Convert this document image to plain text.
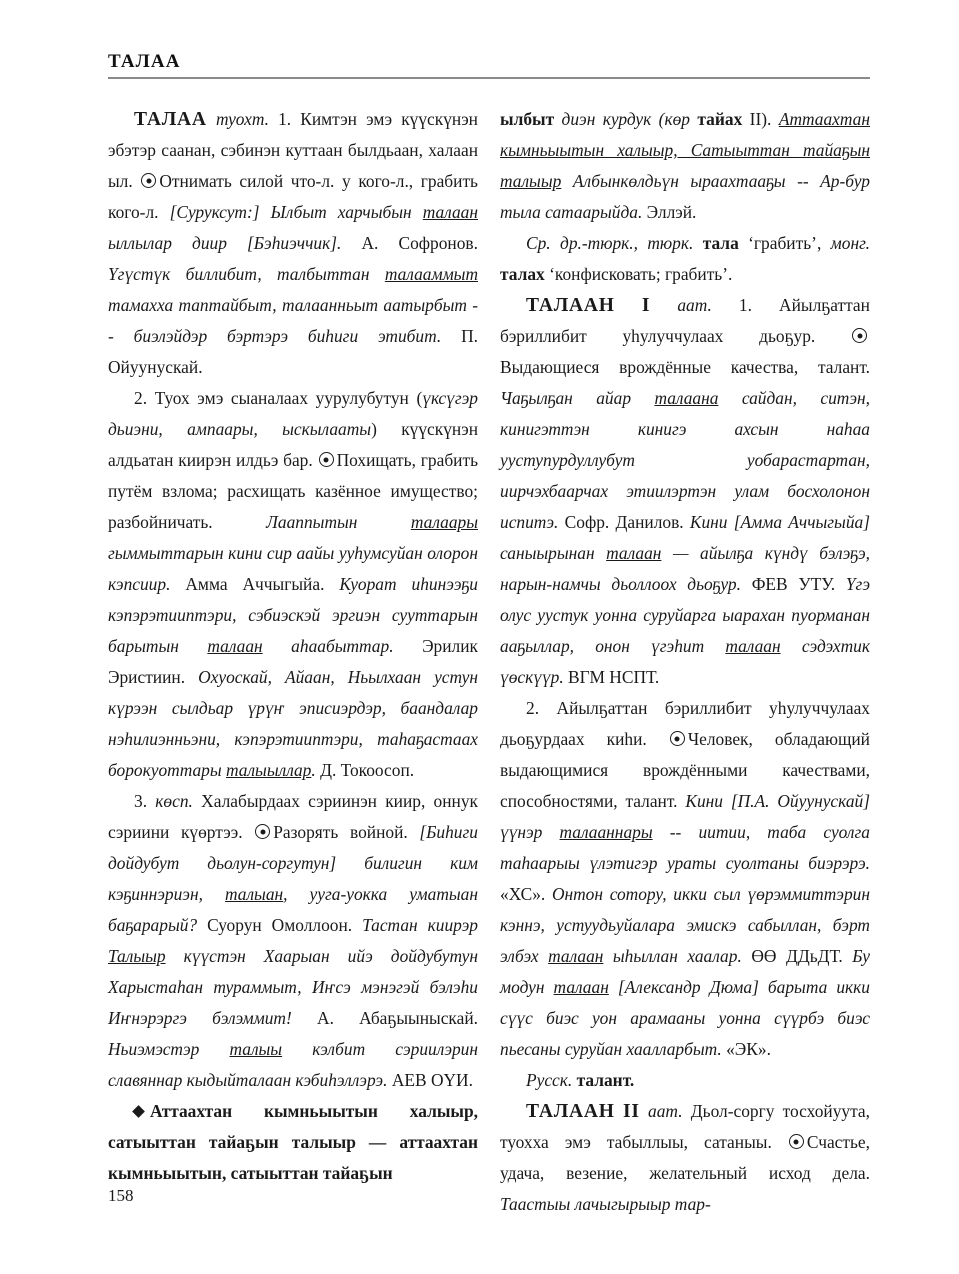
ТАЛАА

ТАЛАА туохт. 1. Кимтэн эмэ күүскүнэн эбэтэр саанан, сэбинэн куттаан былдьаан, халаан ыл. Отнимать силой что-л. у кого-л., грабить кого-л. [Суруксут:] Ылбыт харчыбын талаан ыллылар диир [Бэһиэччик]. А. Софронов. Үгүстүк биллибит, талбыттан талааммыт тамахха таптайбыт, талаанньыт аатырбыт -- биэлэйдэр бэртэрэ биһиги этибит. П. Ойуунускай.

2. Туох эмэ сыаналаах уурулубутун (үксүгэр дьиэни, ампаары, ыскылааты) күүскүнэн алдьатан киирэн илдьэ бар. Похищать, грабить путём взлома; расхищать казённое имущество; разбойничать.	Лааппытын талаары гыммыттарын кини сир аайы ууһумсуйан олорон кэпсиир. Амма Аччыгыйа. Куорат иһинээҕи кэпэрэтииптэри, сэбиэскэй эргиэн сууттарын барытын талаан аһаабыттар. Эрилик Эристиин. Охуоскай, Айаан, Ньылхаан устун күрээн сылдьар үрүҥ эписиэрдэр, баандалар нэһилиэнньэни, кэпэрэтииптэри, таһаҕастаах борокуоттары талыыллар. Д. Токоосоп.

3. көсп. Халабырдаах сэриинэн киир, оннук сэриини күөртээ. Разорять войной. [Биһиги дойдубут дьолун-соргутун] билигин ким кэҕиннэриэн, талыан, ууга-уокка уматыан баҕарарый? Суорун Омоллоон. Тастан киирэр Талыыр күүстэн Хаарыан ийэ дойдубутун Харыстаһан тураммыт, Иҥсэ мэнэгэй бэлэһи Иҥнэрэргэ бэлэммит! А. Абаҕыыныскай. Ньиэмэстэр талыы кэлбит сэриилэрин славяннар кыдыйталаан кэбиһэллэрэ. АЕВ ОҮИ.

Аттаахтан кымньыытын халыыр, сатыыттан тайаҕын талыыр — аттаахтан кымньыытын, сатыыттан тайаҕын

ылбыт диэн курдук (көр тайах II). Аттаахтан кымньыытын халыыр, Сатыыттан тайаҕын талыыр Албынкөлдьүн ыраахтааҕы -- Ар-бур тыла сатаарыйда. Эллэй.

Ср. др.-тюрк., тюрк. тала ‘грабить’, монг. талах ‘конфисковать; грабить’.

ТАЛААН I аат. 1. Айылҕаттан бэриллибит уһулуччулаах дьоҕур. Выдающиеся врождённые качества, талант. Чаҕылҕан айар талаана сайдан, ситэн, кинигэттэн кинигэ ахсын наһаа ууступурдуллубут уобарастартан, иирчэхбаарчах этиилэртэн улам босхолонон испитэ. Софр. Данилов. Кини [Амма Аччыгыйа] саныырынан талаан — айылҕа күндү бэлэҕэ, нарын-намчы дьоллоох дьоҕур. ФЕВ УТУ. Үгэ олус уустук уонна суруйарга ыарахан пуорманан ааҕыллар, онон үгэһит талаан сэдэхтик үөскүүр. ВГМ НСПТ.

2. Айылҕаттан бэриллибит уһулуччулаах дьоҕурдаах киһи. Человек, обладающий выдающимися врождёнными качествами, способностями, талант. Кини [П.А. Ойуунускай] үүнэр талааннары -- иитии, таба суолга таһаарыы үлэтигэр ураты суолтаны биэрэрэ. «ХС». Онтон сотору, икки сыл үөрэммиттэрин кэннэ, устуудьуйалара эмискэ сабыллан, бэрт элбэх талаан ыһыллан хаалар. ӨӨ ДДьДТ. Бу модун талаан [Александр Дюма] барыта икки сүүс биэс уон арамааны уонна сүүрбэ биэс пьесаны суруйан хаалларбыт. «ЭК».

Русск. талант.

ТАЛААН II аат. Дьол-соргу тосхойуута, туохха эмэ табыллыы, сатаныы. Счастье, удача, везение, желательный исход дела. Таастыы лачыгырыыр тар-

158
